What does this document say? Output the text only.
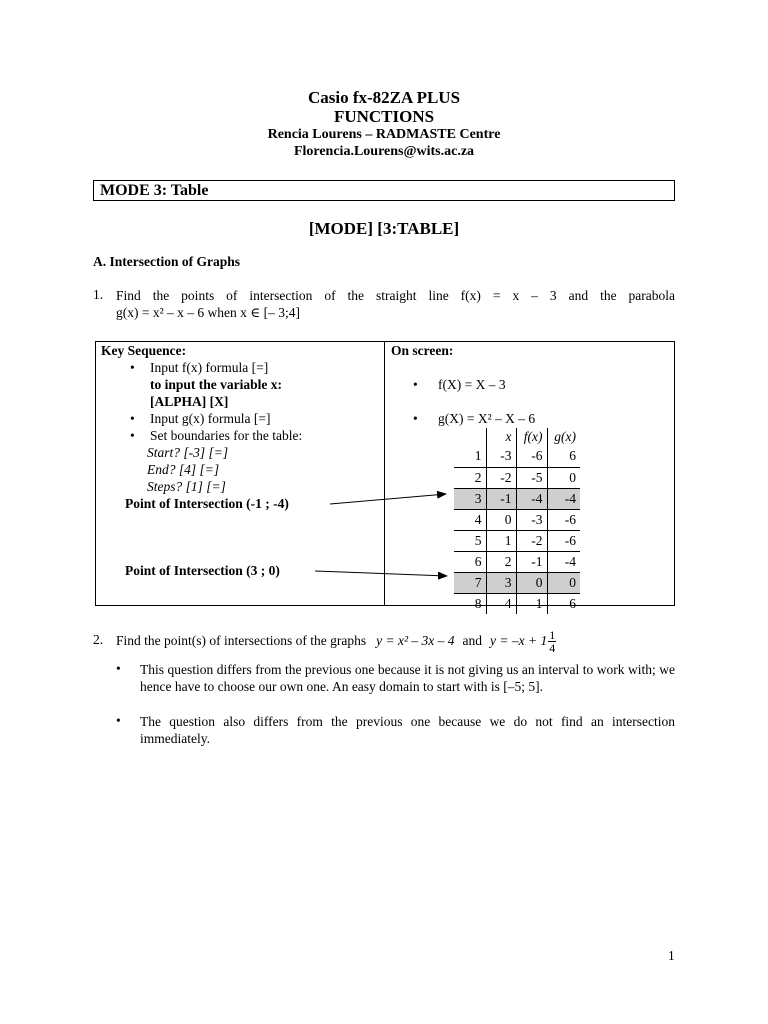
Casio fx-82ZA PLUS
FUNCTIONS
Rencia Lourens – RADMASTE Centre
Florencia.Lourens@wits.ac.za
MODE 3: Table
[MODE] [3:TABLE]
A. Intersection of Graphs
1. Find the points of intersection of the straight line f(x) = x – 3 and the parabola
g(x) = x² – x – 6 when x ∈ [– 3;4]
Key Sequence:	On screen:
• Input f(x) formula [=]
to input the variable x:
[ALPHA] [X]
• Input g(x) formula [=]
• Set boundaries for the table:
Start? [-3] [=]
End? [4] [=]
Steps? [1] [=]
Point of Intersection (-1 ; -4)
Point of Intersection (3 ; 0)
• f(X) = X – 3
• g(X) = X² – X – 6
	x	f(x)	g(x)
1	-3	-6	6
2	-2	-5	0
3	-1	-4	-4
4	0	-3	-6
5	1	-2	-6
6	2	-1	-4
7	3	0	0
8	4	1	6
2. Find the point(s) of intersections of the graphs y = x² – 3x – 4 and $y = -x + 1 \frac{1}{4}$
• This question differs from the previous one because it is not giving us an interval to work with; we hence have to choose our own one. An easy domain to start with is [–5; 5].
• The question also differs from the previous one because we do not find an intersection immediately.
1
